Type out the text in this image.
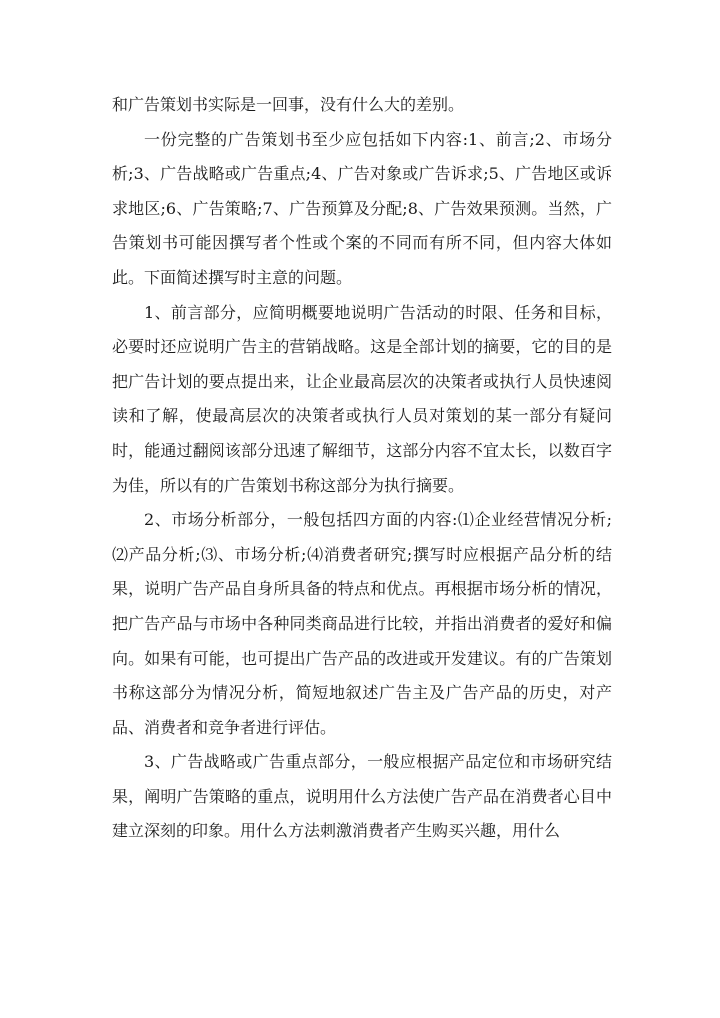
和广告策划书实际是一回事，没有什么大的差别。

一份完整的广告策划书至少应包括如下内容:1、前言;2、市场分析;3、广告战略或广告重点;4、广告对象或广告诉求;5、广告地区或诉求地区;6、广告策略;7、广告预算及分配;8、广告效果预测。当然，广告策划书可能因撰写者个性或个案的不同而有所不同，但内容大体如此。下面简述撰写时主意的问题。

1、前言部分，应简明概要地说明广告活动的时限、任务和目标，必要时还应说明广告主的营销战略。这是全部计划的摘要，它的目的是把广告计划的要点提出来，让企业最高层次的决策者或执行人员快速阅读和了解，使最高层次的决策者或执行人员对策划的某一部分有疑问时，能通过翻阅该部分迅速了解细节，这部分内容不宜太长，以数百字为佳，所以有的广告策划书称这部分为执行摘要。

2、市场分析部分，一般包括四方面的内容:⑴企业经营情况分析;⑵产品分析;⑶、市场分析;⑷消费者研究;撰写时应根据产品分析的结果，说明广告产品自身所具备的特点和优点。再根据市场分析的情况，把广告产品与市场中各种同类商品进行比较，并指出消费者的爱好和偏向。如果有可能，也可提出广告产品的改进或开发建议。有的广告策划书称这部分为情况分析，简短地叙述广告主及广告产品的历史，对产品、消费者和竞争者进行评估。

3、广告战略或广告重点部分，一般应根据产品定位和市场研究结果，阐明广告策略的重点，说明用什么方法使广告产品在消费者心目中建立深刻的印象。用什么方法刺激消费者产生购买兴趣，用什么
